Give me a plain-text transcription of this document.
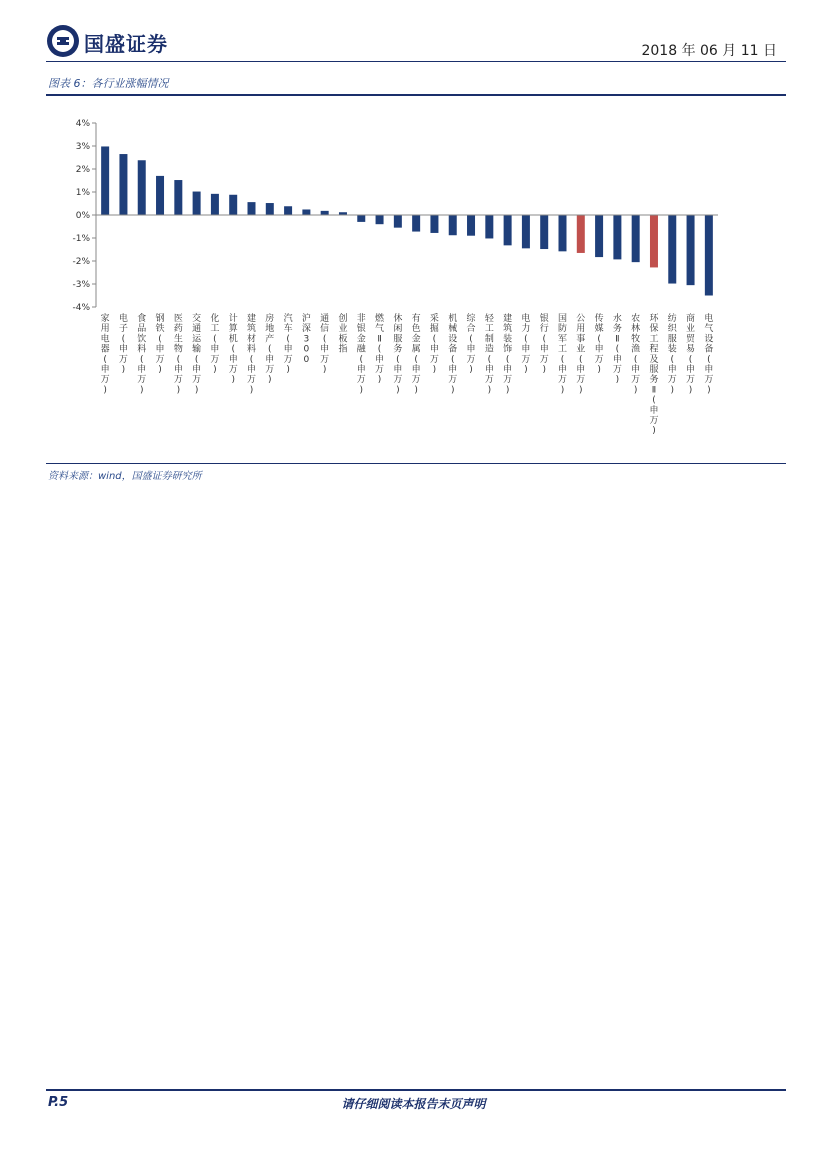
国盛证券	2018 年 06 月 11 日
图表 6：各行业涨幅情况
4%
3%
2%
1%
0%
-1%
-2%
-3%
-4%
家用电器(申万)
电子(申万)
食品饮料(申万)
钢铁(申万)
医药生物(申万)
交通运输(申万)
化工(申万)
计算机(申万)
建筑材料(申万)
房地产(申万)
汽车(申万)
沪深 3 0 0
通信(申万)
创业板指
非银金融(申万)
燃气 Ⅱ (申万)
休闲服务(申万)
有色金属(申万)
采掘(申万)
机械设备(申万)
综合(申万)
轻工制造(申万)
建筑装饰(申万)
电力(申万)
银行(申万)
国防军工(申万)
公用事业(申万)
传媒(申万)
水务 Ⅱ (申万)
农林牧渔(申万)
环保工程及服务 Ⅱ (申万)
纺织服装(申万)
商业贸易(申万)
电气设备(申万)
资料来源：wind，国盛证券研究所
P.5	请仔细阅读本报告末页声明
